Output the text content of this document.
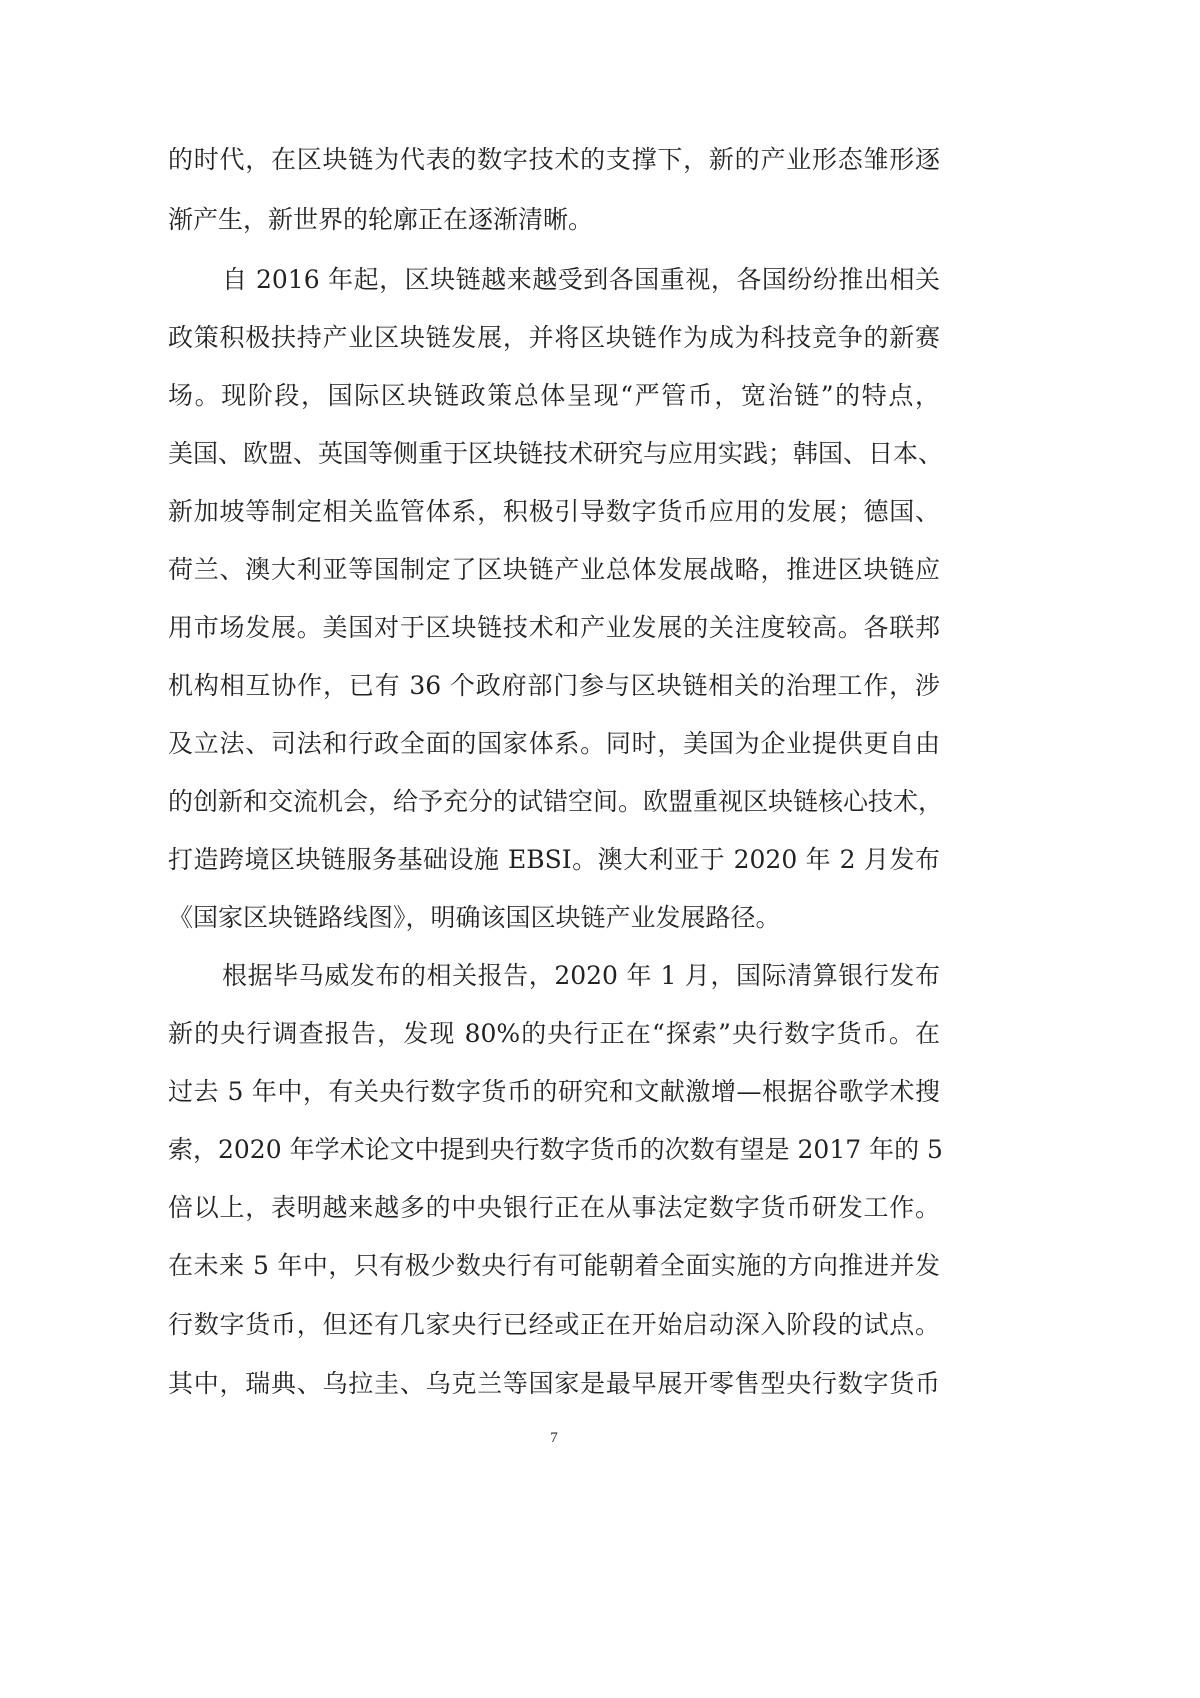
的时代，在区块链为代表的数字技术的支撑下，新的产业形态雏形逐
渐产生，新世界的轮廓正在逐渐清晰。
自 2016 年起，区块链越来越受到各国重视，各国纷纷推出相关
政策积极扶持产业区块链发展，并将区块链作为成为科技竞争的新赛
场。现阶段，国际区块链政策总体呈现“严管币，宽治链”的特点，
美国、欧盟、英国等侧重于区块链技术研究与应用实践；韩国、日本、
新加坡等制定相关监管体系，积极引导数字货币应用的发展；德国、
荷兰、澳大利亚等国制定了区块链产业总体发展战略，推进区块链应
用市场发展。美国对于区块链技术和产业发展的关注度较高。各联邦
机构相互协作，已有 36 个政府部门参与区块链相关的治理工作，涉
及立法、司法和行政全面的国家体系。同时，美国为企业提供更自由
的创新和交流机会，给予充分的试错空间。欧盟重视区块链核心技术，
打造跨境区块链服务基础设施 EBSI。澳大利亚于 2020 年 2 月发布
《国家区块链路线图》，明确该国区块链产业发展路径。
根据毕马威发布的相关报告，2020 年 1 月，国际清算银行发布
新的央行调查报告，发现 80%的央行正在“探索”央行数字货币。在
过去 5 年中，有关央行数字货币的研究和文献激增—根据谷歌学术搜
索，2020 年学术论文中提到央行数字货币的次数有望是 2017 年的 5
倍以上，表明越来越多的中央银行正在从事法定数字货币研发工作。
在未来 5 年中，只有极少数央行有可能朝着全面实施的方向推进并发
行数字货币，但还有几家央行已经或正在开始启动深入阶段的试点。
其中，瑞典、乌拉圭、乌克兰等国家是最早展开零售型央行数字货币
7
